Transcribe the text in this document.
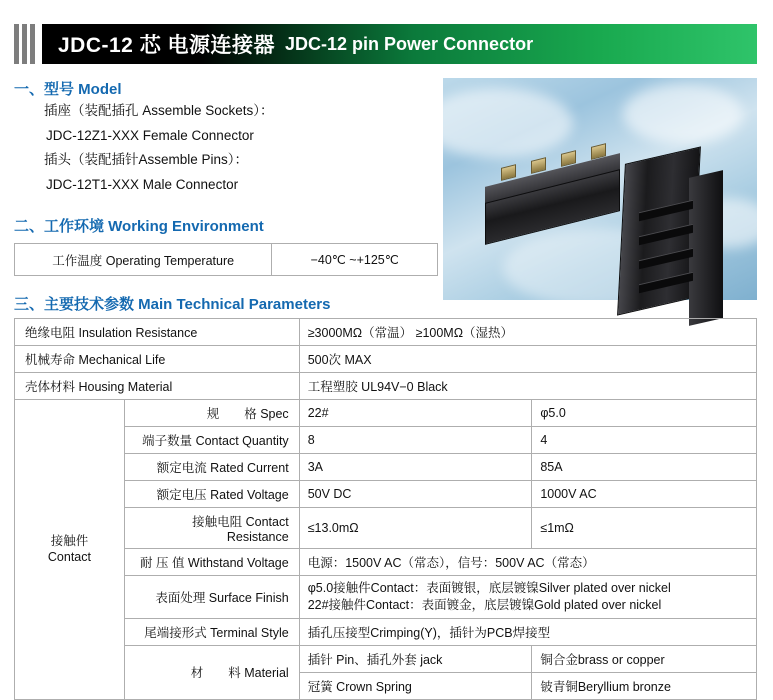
JDC-12 芯 电源连接器 JDC-12 pin Power Connector
一、型号 Model
插座（装配插孔 Assemble Sockets）：
JDC-12Z1-XXX Female Connector
插头（装配插针Assemble Pins）：
JDC-12T1-XXX Male Connector
二、工作环境 Working Environment
工作温度 Operating Temperature	−40℃ ~+125℃
三、主要技术参数 Main Technical Parameters
绝缘电阻 Insulation Resistance		≥3000MΩ（常温） ≥100MΩ（湿热）	
机械寿命 Mechanical Life		500次 MAX	
壳体材料 Housing Material		工程塑胶 UL94V−0 Black	
接触件
Contact	规　　格 Spec	22#	φ5.0
	端子数量 Contact Quantity	8	4
	额定电流 Rated Current	3A	85A
	额定电压 Rated Voltage	50V DC	1000V AC
	接触电阻 Contact Resistance	≤13.0mΩ	≤1mΩ
	耐 压 值 Withstand Voltage	电源：1500V AC（常态），信号：500V AC（常态）	
	表面处理 Surface Finish	φ5.0接触件Contact：表面镀银，底层镀镍Silver plated over nickel
22#接触件Contact：表面镀金，底层镀镍Gold plated over nickel	

	尾端接形式 Terminal Style	插孔压接型Crimping(Y)，插针为PCB焊接型	
	材　　料 Material	插针 Pin、插孔外套 jack	铜合金brass or copper
		冠簧 Crown Spring	铍青铜Beryllium bronze
